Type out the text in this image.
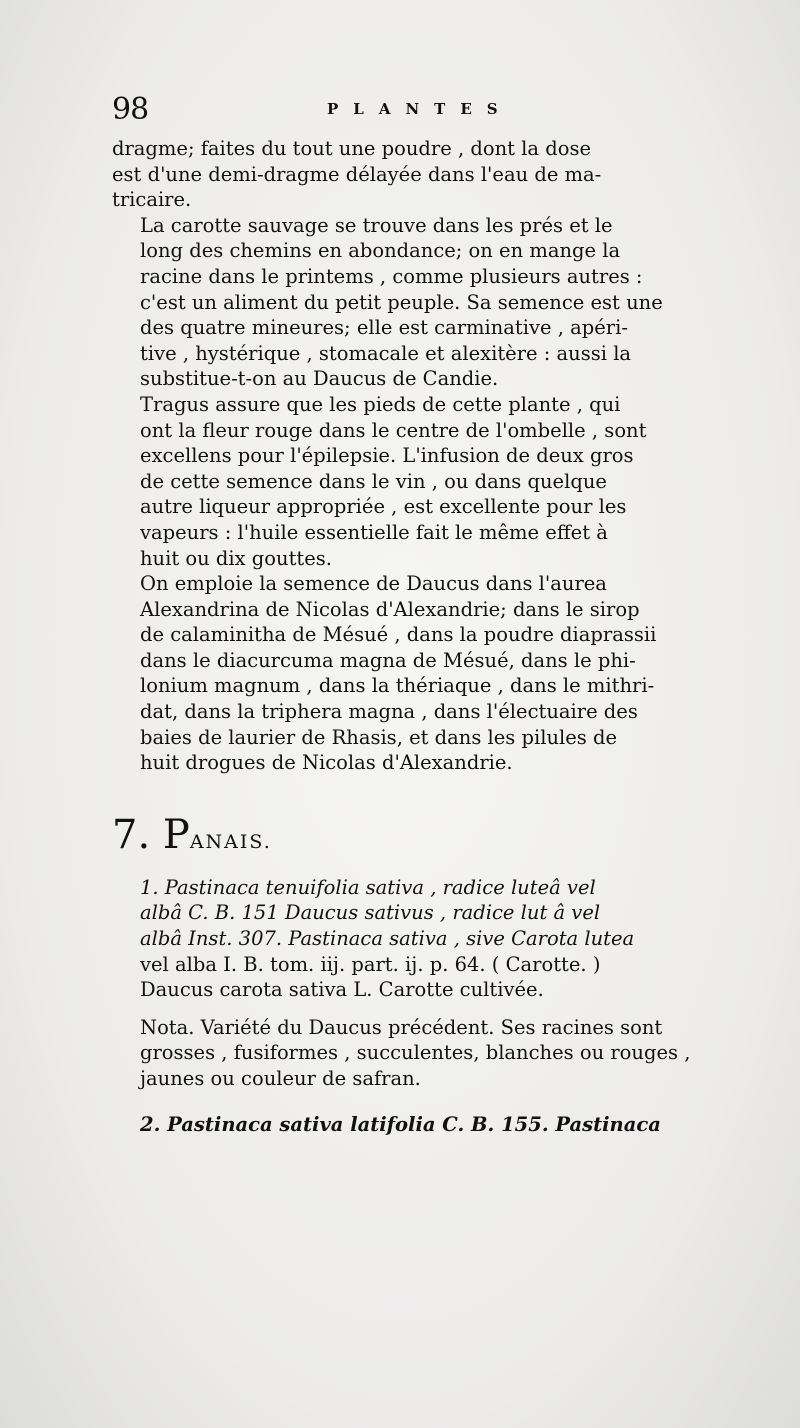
98	PLANTES

dragme; faites du tout une poudre , dont la dose
est d'une demi-dragme délayée dans l'eau de ma-
tricaire.

La carotte sauvage se trouve dans les prés et le
long des chemins en abondance; on en mange la
racine dans le printems , comme plusieurs autres :
c'est un aliment du petit peuple. Sa semence est une
des quatre mineures; elle est carminative , apéri-
tive , hystérique , stomacale et alexitère : aussi la
substitue-t-on au Daucus de Candie.

Tragus assure que les pieds de cette plante , qui
ont la fleur rouge dans le centre de l'ombelle , sont
excellens pour l'épilepsie. L'infusion de deux gros
de cette semence dans le vin , ou dans quelque
autre liqueur appropriée , est excellente pour les
vapeurs : l'huile essentielle fait le même effet à
huit ou dix gouttes.

On emploie la semence de Daucus dans l'aurea
Alexandrina de Nicolas d'Alexandrie; dans le sirop
de calaminitha de Mésué , dans la poudre diaprassii
dans le diacurcuma magna de Mésué, dans le phi-
lonium magnum , dans la thériaque , dans le mithri-
dat, dans la triphera magna , dans l'électuaire des
baies de laurier de Rhasis, et dans les pilules de
huit drogues de Nicolas d'Alexandrie.

7. PANAIS.

1. Pastinaca tenuifolia sativa , radice luteâ vel
albâ C. B. 151 Daucus sativus , radice lut â vel
albâ Inst. 307. Pastinaca sativa , sive Carota lutea
vel alba I. B. tom. iij. part. ij. p. 64. ( Carotte. )
Daucus carota sativa L. Carotte cultivée.

Nota. Variété du Daucus précédent. Ses racines sont
grosses , fusiformes , succulentes, blanches ou rouges ,
jaunes ou couleur de safran.

2. Pastinaca sativa latifolia C. B. 155. Pastinaca
